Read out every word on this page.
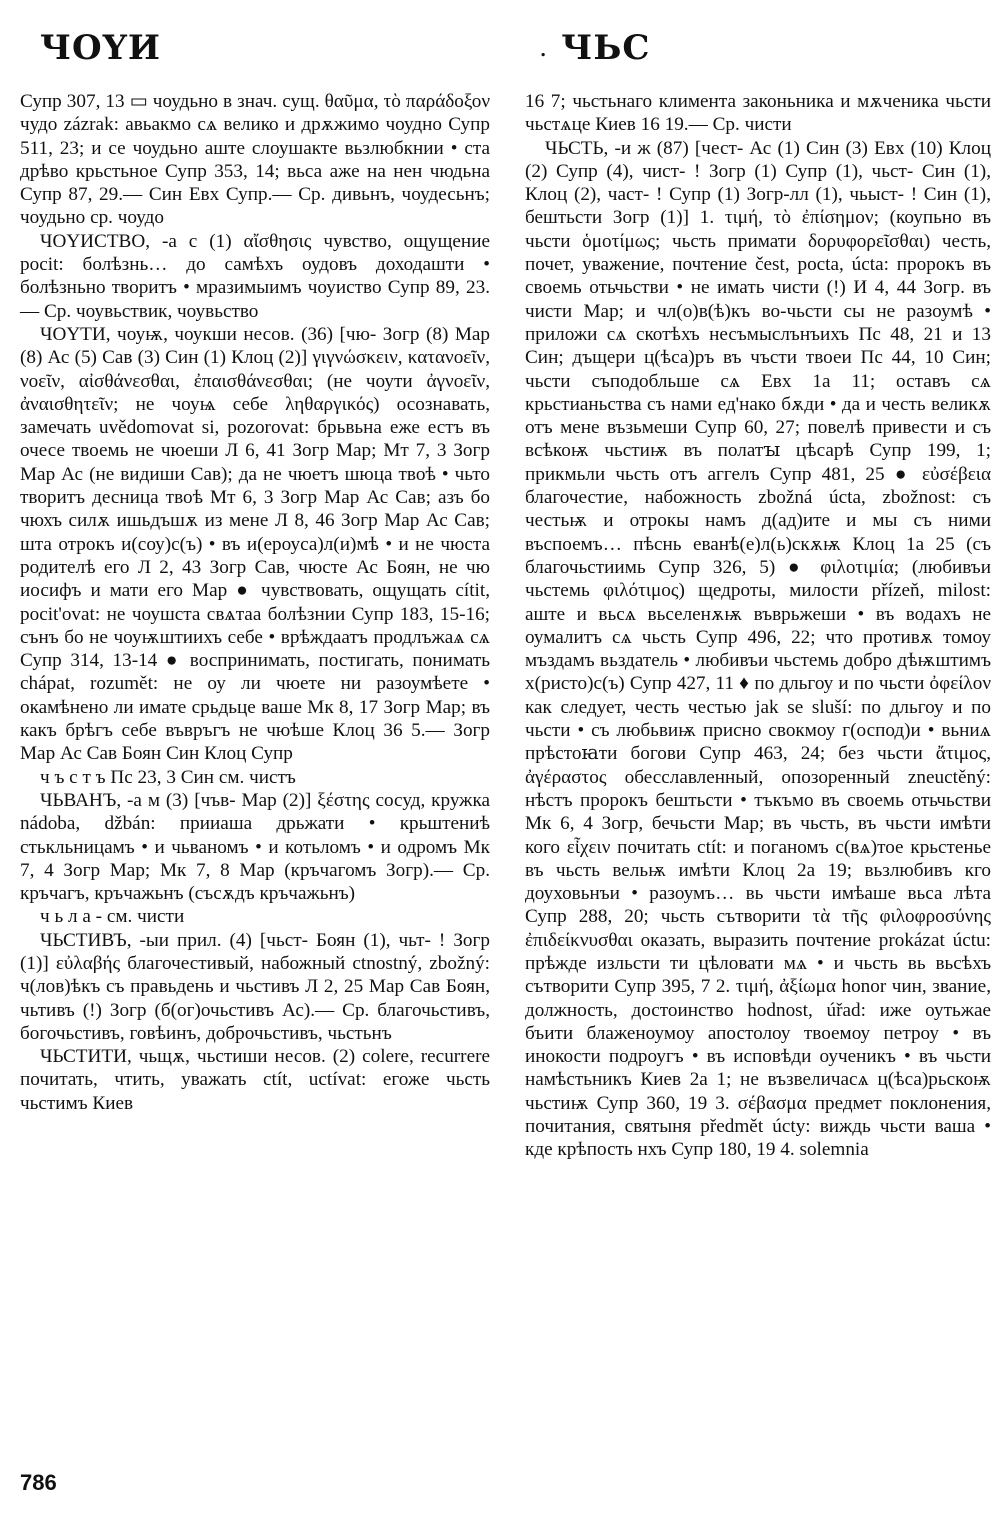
ЧОYИ	. ЧЬС

Супр 307, 13 ▭ чоудьно в знач. сущ. θαῦμα, τὸ παράδοξον чудо zázrak: авьакмо сѧ велико и дрѫжимо чоудно Супр 511, 23; и се чоудьно аште слоушакте вьзлюбкнии • ста дрѣво крьстьное Супр 353, 14; вьса аже на нен чюдьна Супр 87, 29.— Син Евх Супр.— Ср. дивьнъ, чоудесьнъ; чоудьно ср. чоудо

ЧОYИСТВО, -а с (1) αἴσθησις чувство, ощущение pocit: болѣзнь… до самѣхъ оудовъ доходашти • болѣзньно творитъ • мразимыимъ чоуиство Супр 89, 23.— Ср. чоувьствик, чоувьство

ЧОYТИ, чоуѭ, чоукши несов. (36) [чю- Зогр (8) Мар (8) Ас (5) Сав (3) Син (1) Клоц (2)] γιγνώσκειν, κατανοεῖν, νοεῖν, αἰσθάνεσθαι, ἐπαισθάνεσθαι; (не чоути ἀγνοεῖν, ἀναισθητεῖν; не чоуѩ себе ληθαργικός) осознавать, замечать uvědomovat si, pozorovat: брьвьна еже естъ въ очесе твоемь не чюеши Л 6, 41 Зогр Мар; Мт 7, 3 Зогр Мар Ас (не видиши Сав); да не чюетъ шюца твоѣ • чьто творитъ десница твоѣ Мт 6, 3 Зогр Мар Ас Сав; азъ бо чюхъ силѫ ишьдъшѫ из мене Л 8, 46 Зогр Мар Ас Сав; шта отрокъ и(соу)с(ъ) • въ и(ероуса)л(и)мѣ • и не чюста родителѣ его Л 2, 43 Зогр Сав, чюсте Ас Боян, не чю иосифъ и мати его Мар ● чувствовать, ощущать cítit, pocit'ovat: не чоушста свѧтаа болѣзнии Супр 183, 15-16; сънъ бо не чоуѭштиихъ себе • врѣждаатъ продлъжаѧ сѧ Супр 314, 13-14 ● воспринимать, постигать, понимать chápat, rozumět: не оу ли чюете ни разоумѣете • окамѣнено ли имате срьдьце ваше Мк 8, 17 Зогр Мар; въ какъ брѣгъ себе въвръгъ не чюѣше Клоц 36 5.— Зогр Мар Ас Сав Боян Син Клоц Супр

ч ъ с т ъ Пс 23, 3 Син см. чистъ

ЧЬВАНЪ, -а м (3) [чъв- Мар (2)] ξέστης сосуд, кружка nádoba, džbán: прииаша дрьжати • крьштениѣ стькльницамъ • и чьваномъ • и котьломъ • и одромъ Мк 7, 4 Зогр Мар; Мк 7, 8 Мар (кръчагомъ Зогр).— Ср. кръчагъ, кръчажьнъ (съсѫдъ кръчажьнъ)

ч ь л а - см. чисти

ЧЬСТИВЪ, -ыи прил. (4) [чьст- Боян (1), чьт- ! Зогр (1)] εὐλαβής благочестивый, набожный ctnostný, zbožný: ч(лов)ѣкъ съ правьдень и чьстивъ Л 2, 25 Мар Сав Боян, чьтивъ (!) Зогр (б(ог)очьстивъ Ас).— Ср. благочьстивъ, богочьстивъ, говѣинъ, доброчьстивъ, чьстьнъ

ЧЬСТИТИ, чьщѫ, чьстиши несов. (2) colere, recurrere почитать, чтить, уважать ctít, uctívat: егоже чьсть чьстимъ Киев

16 7; чьстьнаго климента законьника и мѫченика чьсти чьстѧце Киев 16 19.— Ср. чисти

ЧЬСТЬ, -и ж (87) [чест- Ас (1) Син (3) Евх (10) Клоц (2) Супр (4), чист- ! Зогр (1) Супр (1), чьст- Син (1), Клоц (2), част- ! Супр (1) Зогр-лл (1), чьыст- ! Син (1), бештьсти Зогр (1)] 1. τιμή, τὸ ἐπίσημον; (коупьно въ чьсти ὁμοτίμως; чьсть примати δορυφορεῖσθαι) честь, почет, уважение, почтение čest, pocta, úcta: пророкъ въ своемь отьчьстви • не имать чисти (!) И 4, 44 Зогр. въ чисти Мар; и чл(о)в(ѣ)къ во-чьсти сы не разоумѣ • приложи сѧ скотѣхъ несъмыслънъихъ Пс 48, 21 и 13 Син; дъщери ц(ѣса)ръ въ чъсти твоеи Пс 44, 10 Син; чьсти съподобльше сѧ Евх 1а 11; оставъ сѧ крьстианьства съ нами ед'нако бѫди • да и честь великѫ отъ мене възьмеши Супр 60, 27; повелѣ привести и съ всѣкоѭ чьстиѭ въ полатꙑ цѣсарѣ Супр 199, 1; прикмьли чьсть отъ аггелъ Супр 481, 25 ● εὐσέβεια благочестие, набожность zbožná úcta, zbožnost: съ честьѭ и отрокы намъ д(ад)ите и мы съ ними въспоемъ… пѣснь еванѣ(е)л(ь)скѫѭ Клоц 1а 25 (съ благочьстиимь Супр 326, 5) ● φιλοτιμία; (любивъи чьстемь φιλότιμος) щедроты, милости přízeň, milost: аште и вьсѧ вьселенѫѭ въврьжеши • въ водахъ не оумалитъ сѧ чьсть Супр 496, 22; что противѫ томоу мъздамъ вьздатель • любивъи чьстемь добро дѣѭштимъ х(ристо)с(ъ) Супр 427, 11 ♦ по дльгоу и по чьсти ὀφείλον как следует, честь честью jak se sluší: по дльгоу и по чьсти • съ любьвиѭ присно свокмоу г(оспод)и • вьниѧ прѣстоꙗти богови Супр 463, 24; без чьсти ἄτιμος, ἀγέραστος обесславленный, опозоренный zneuctěný: нѣстъ пророкъ бештьсти • тъкъмо въ своемь отьчьстви Мк 6, 4 Зогр, бечьсти Мар; въ чьсть, въ чьсти имѣти кого εἶχειν почитать ctít: и поганомъ с(вѧ)тое крьстенье въ чьсть вельѭ имѣти Клоц 2а 19; вьзлюбивъ кго доуховьнъи • разоумъ… вь чьсти имѣаше вьса лѣта Супр 288, 20; чьсть сътворити τὰ τῆς φιλοφροσύνης ἐπιδείκνυσθαι оказать, выразить почтение prokázat úctu: прѣжде изльсти ти цѣловати мѧ • и чьсть вь вьсѣхъ сътворити Супр 395, 7 2. τιμή, ἀξίωμα honor чин, звание, должность, достоинство hodnost, úřad: иже оутьжае бъити блаженоумоу апостолоу твоемоу петроу • въ инокости подроугъ • въ исповѣди оученикъ • въ чьсти намѣстьникъ Киев 2а 1; не възвеличасѧ ц(ѣса)рьскоѭ чьстиѭ Супр 360, 19 3. σέβασμα предмет поклонения, почитания, святыня předmět úcty: виждь чьсти ваша • кде крѣпость нхъ Супр 180, 19 4. solemnia

786
